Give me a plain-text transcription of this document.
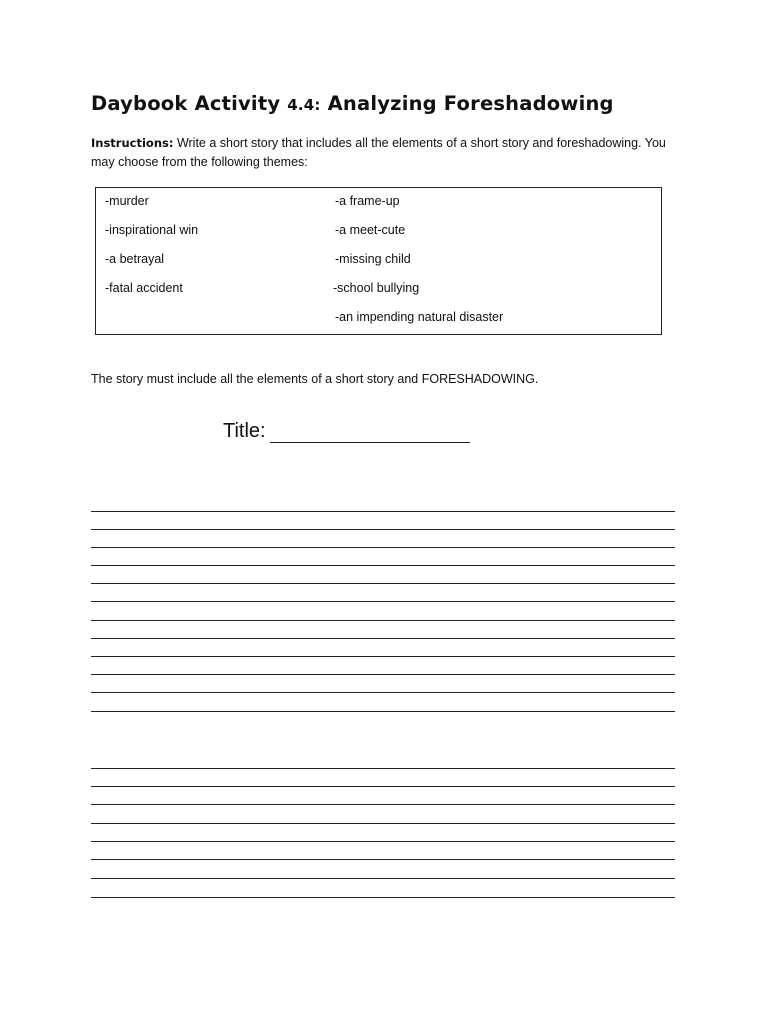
Daybook Activity 4.4: Analyzing Foreshadowing
Instructions: Write a short story that includes all the elements of a short story and foreshadowing. You may choose from the following themes:
-murder
-inspirational win
-a betrayal
-fatal accident
-a frame-up
-a meet-cute
-missing child
-school bullying
-an impending natural disaster
The story must include all the elements of a short story and FORESHADOWING.
Title:
